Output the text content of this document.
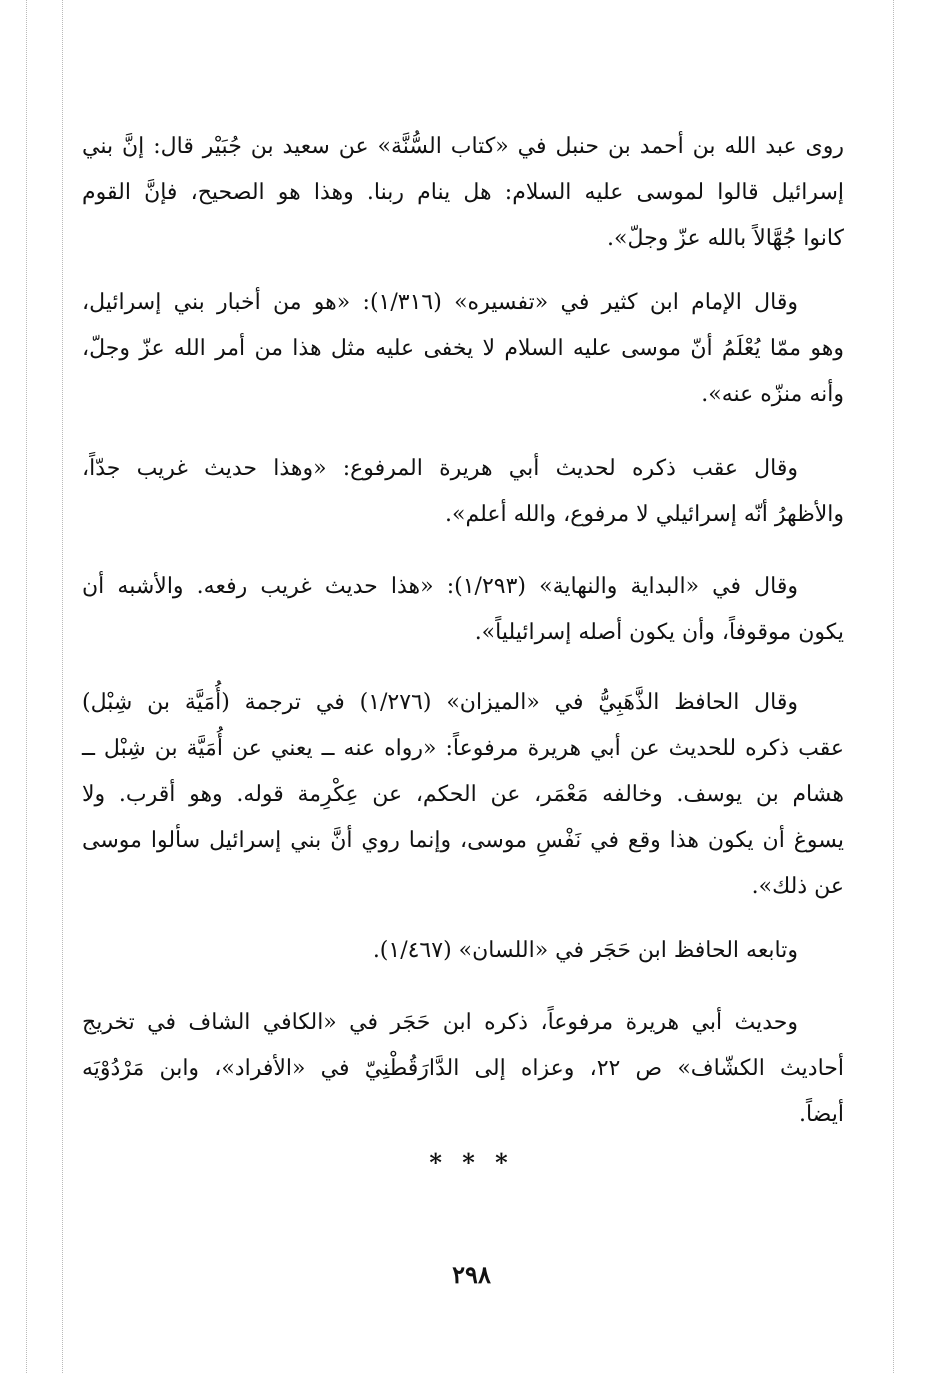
روى عبد الله بن أحمد بن حنبل في «كتاب السُّنَّة» عن سعيد بن جُبَيْر قال: إنَّ بني
إسرائيل قالوا لموسى عليه السلام: هل ينام ربنا. وهذا هو الصحيح، فإنَّ القوم
كانوا جُهَّالاً بالله عزّ وجلّ».
وقال الإمام ابن كثير في «تفسيره» (١/٣١٦): «هو من أخبار بني إسرائيل،
وهو ممّا يُعْلَمُ أنّ موسى عليه السلام لا يخفى عليه مثل هذا من أمر الله عزّ وجلّ،
وأنه منزّه عنه».
وقال عقب ذكره لحديث أبي هريرة المرفوع: «وهذا حديث غريب جدّاً،
والأظهرُ أنّه إسرائيلي لا مرفوع، والله أعلم».
وقال في «البداية والنهاية» (١/٢٩٣): «هذا حديث غريب رفعه. والأشبه أن
يكون موقوفاً، وأن يكون أصله إسرائيلياً».
وقال الحافظ الذَّهَبِيُّ في «الميزان» (١/٢٧٦) في ترجمة (أُمَيَّة بن شِبْل)
عقب ذكره للحديث عن أبي هريرة مرفوعاً: «رواه عنه ــ يعني عن أُمَيَّة بن شِبْل ــ
هشام بن يوسف. وخالفه مَعْمَر، عن الحكم، عن عِكْرِمة قوله. وهو أقرب. ولا
يسوغ أن يكون هذا وقع في نَفْسِ موسى، وإنما روي أنَّ بني إسرائيل سألوا موسى
عن ذلك».
وتابعه الحافظ ابن حَجَر في «اللسان» (١/٤٦٧).
وحديث أبي هريرة مرفوعاً، ذكره ابن حَجَر في «الكافي الشاف في تخريج
أحاديث الكشّاف» ص ٢٢، وعزاه إلى الدَّارَقُطْنِيّ في «الأفراد»، وابن مَرْدُوْيَه
أيضاً.
* * *
٢٩٨
